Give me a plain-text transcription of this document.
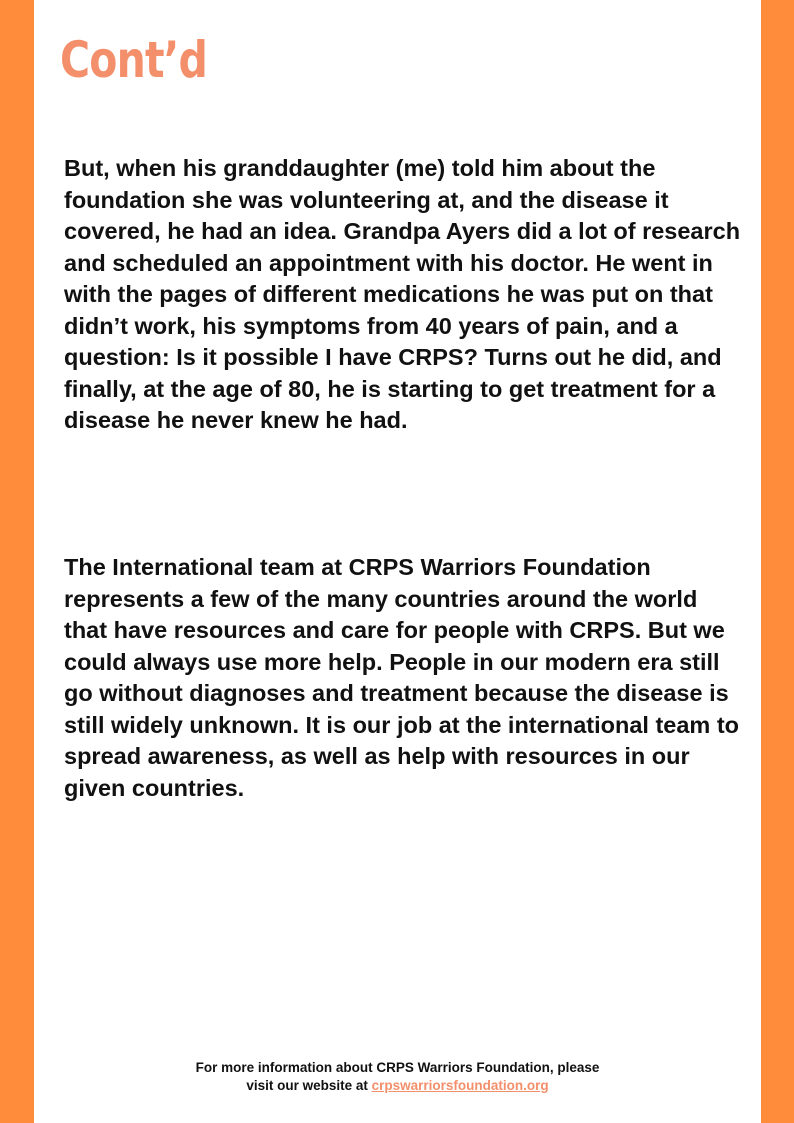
Cont’d

But, when his granddaughter (me) told him about the foundation she was volunteering at, and the disease it covered, he had an idea. Grandpa Ayers did a lot of research and scheduled an appointment with his doctor. He went in with the pages of different medications he was put on that didn’t work, his symptoms from 40 years of pain, and a question: Is it possible I have CRPS? Turns out he did, and finally, at the age of 80, he is starting to get treatment for a disease he never knew he had.

The International team at CRPS Warriors Foundation represents a few of the many countries around the world that have resources and care for people with CRPS. But we could always use more help. People in our modern era still go without diagnoses and treatment because the disease is still widely unknown. It is our job at the international team to spread awareness, as well as help with resources in our given countries.

For more information about CRPS Warriors Foundation, please
visit our website at crpswarriorsfoundation.org
